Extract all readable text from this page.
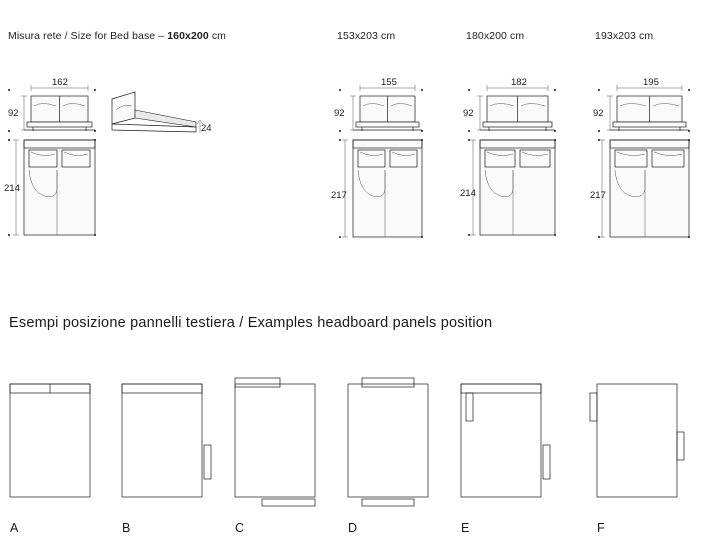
Misura rete / Size for Bed base – 160x200 cm	153x203 cm	180x200 cm	193x203 cm
162
92
24
214
155
92
217
182
92
214
195
92
217
Esempi posizione pannelli testiera / Examples headboard panels position
A	B	C	D	E	F
